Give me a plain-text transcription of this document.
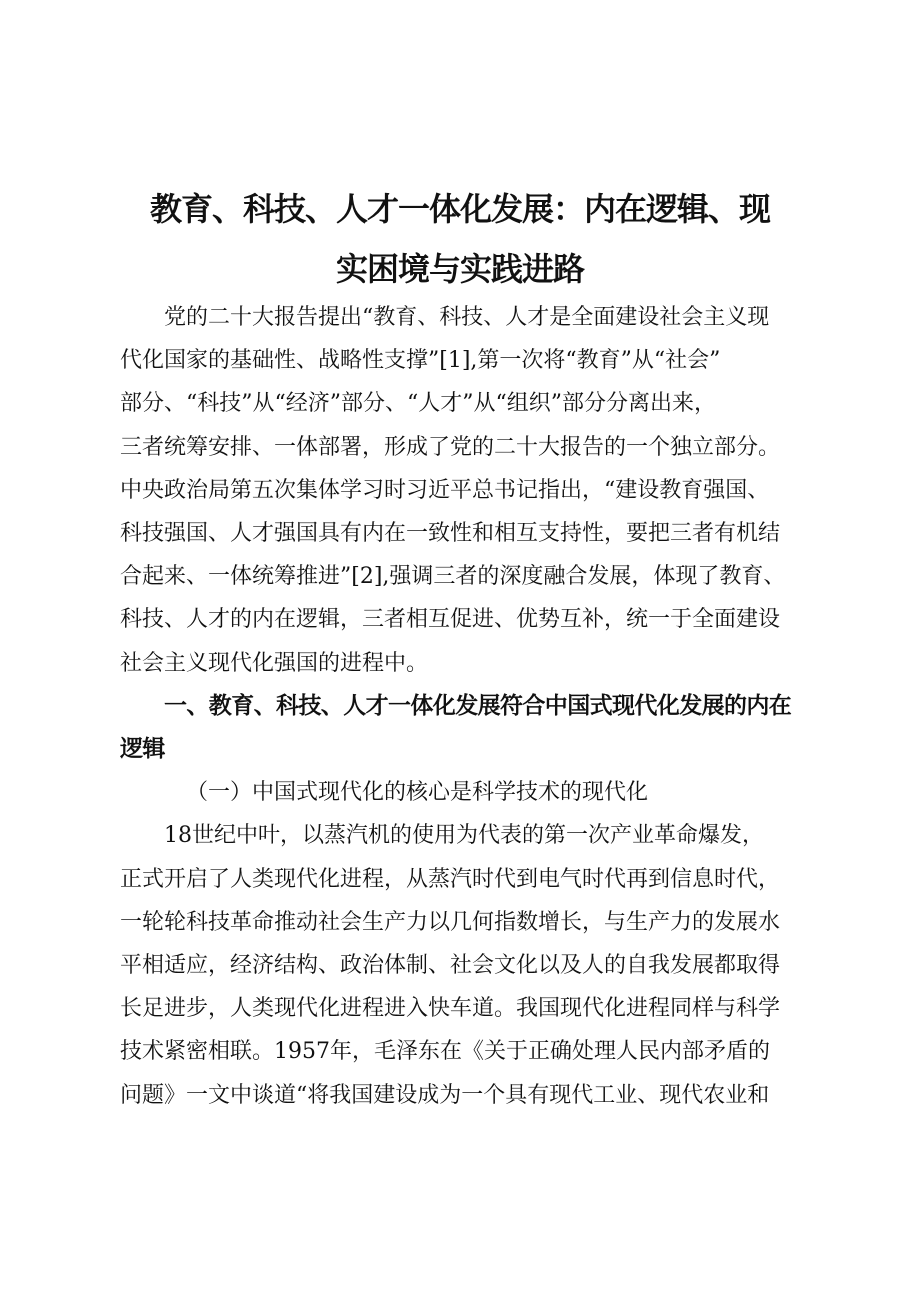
教育、科技、人才一体化发展：内在逻辑、现
实困境与实践进路

党的二十大报告提出“教育、科技、人才是全面建设社会主义现
代化国家的基础性、战略性支撑”[1],第一次将“教育”从“社会”
部分、“科技”从“经济”部分、“人才”从“组织”部分分离出来，
三者统筹安排、一体部署，形成了党的二十大报告的一个独立部分。
中央政治局第五次集体学习时习近平总书记指出，“建设教育强国、
科技强国、人才强国具有内在一致性和相互支持性，要把三者有机结
合起来、一体统筹推进”[2],强调三者的深度融合发展，体现了教育、
科技、人才的内在逻辑，三者相互促进、优势互补，统一于全面建设
社会主义现代化强国的进程中。

一、教育、科技、人才一体化发展符合中国式现代化发展的内在
逻辑
（一）中国式现代化的核心是科学技术的现代化

18世纪中叶，以蒸汽机的使用为代表的第一次产业革命爆发，
正式开启了人类现代化进程，从蒸汽时代到电气时代再到信息时代，
一轮轮科技革命推动社会生产力以几何指数增长，与生产力的发展水
平相适应，经济结构、政治体制、社会文化以及人的自我发展都取得
长足进步，人类现代化进程进入快车道。我国现代化进程同样与科学
技术紧密相联。1957年，毛泽东在《关于正确处理人民内部矛盾的
问题》一文中谈道“将我国建设成为一个具有现代工业、现代农业和
